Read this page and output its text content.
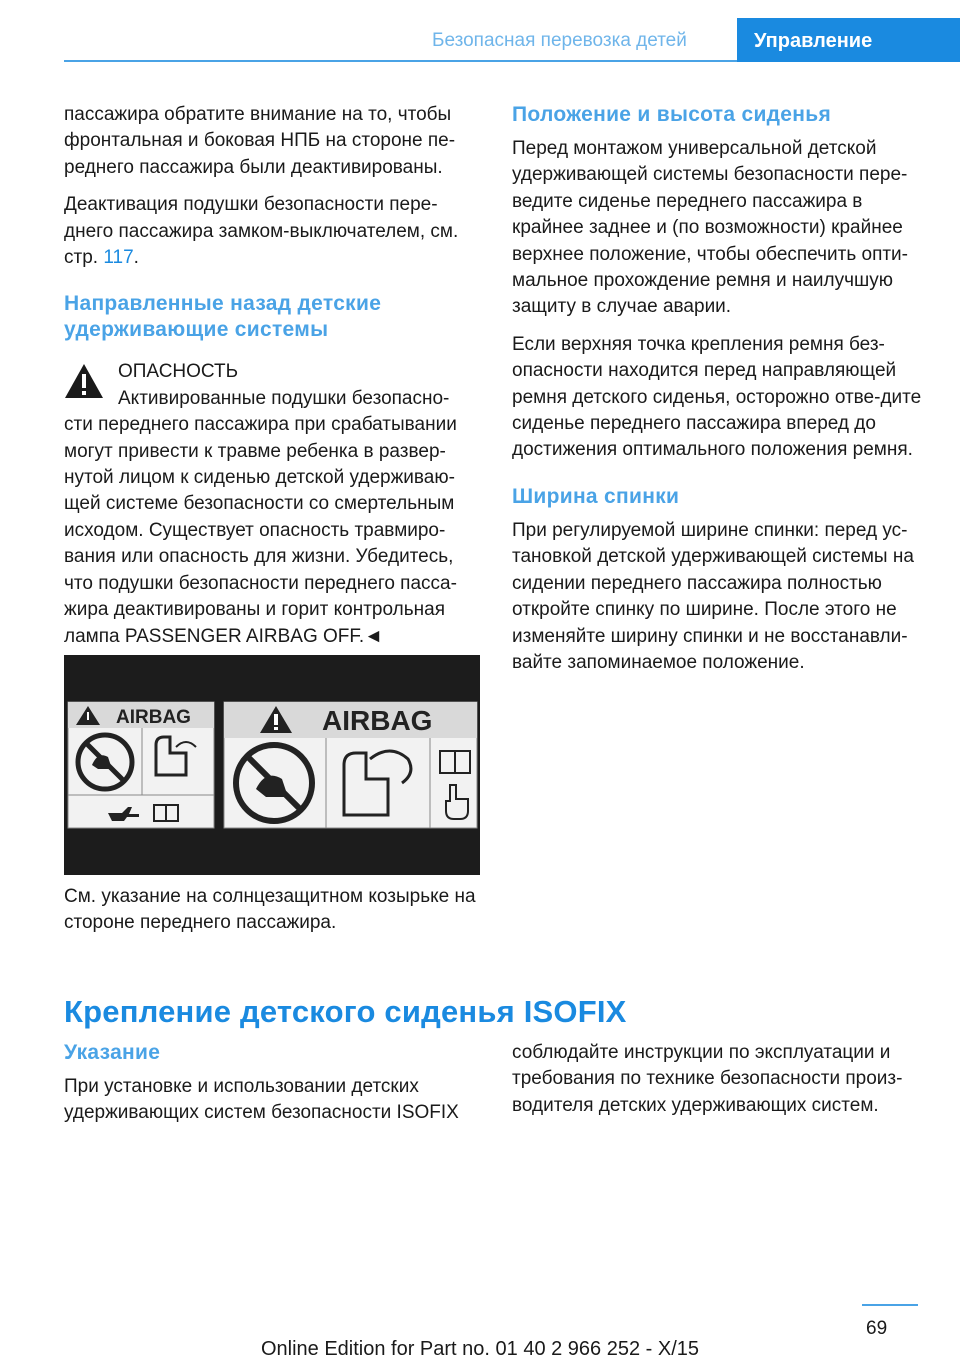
Безопасная перевозка детей	Управление

пассажира обратите внимание на то, чтобы фронтальная и боковая НПБ на стороне пе-реднего пассажира были деактивированы.

Деактивация подушки безопасности пере-днего пассажира замком-выключателем, см. стр. 117.

Направленные назад детские удерживающие системы

ОПАСНОСТЬ

Активированные подушки безопасно-

сти переднего пассажира при срабатывании могут привести к травме ребенка в развер-нутой лицом к сиденью детской удерживаю-щей системе безопасности со смертельным исходом. Существует опасность травмиро-вания или опасность для жизни. Убедитесь, что подушки безопасности переднего пасса-жира деактивированы и горит контрольная лампа PASSENGER AIRBAG OFF.◄

AIRBAG	AIRBAG

См. указание на солнцезащитном козырьке на стороне переднего пассажира.

Положение и высота сиденья

Перед монтажом универсальной детской удерживающей системы безопасности пере-ведите сиденье переднего пассажира в крайнее заднее и (по возможности) крайнее верхнее положение, чтобы обеспечить опти-мальное прохождение ремня и наилучшую защиту в случае аварии.

Если верхняя точка крепления ремня без-опасности находится перед направляющей ремня детского сиденья, осторожно отве-дите сиденье переднего пассажира вперед до достижения оптимального положения ремня.

Ширина спинки

При регулируемой ширине спинки: перед ус-тановкой детской удерживающей системы на сидении переднего пассажира полностью откройте спинку по ширине. После этого не изменяйте ширину спинки и не восстанавли-вайте запоминаемое положение.

Крепление детского сиденья ISOFIX
Указание

При установке и использовании детских удерживающих систем безопасности ISOFIX

соблюдайте инструкции по эксплуатации и требования по технике безопасности произ-водителя детских удерживающих систем.

69
Online Edition for Part no. 01 40 2 966 252 - X/15
